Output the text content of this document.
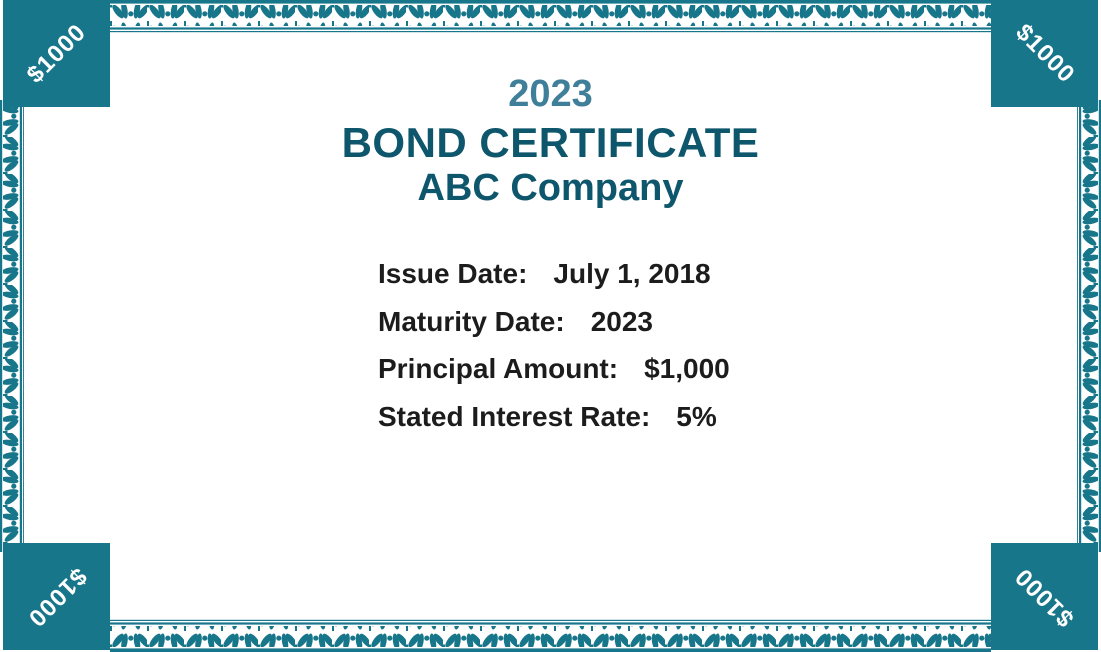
$1000	$1000
$1000	$1000
2023
BOND CERTIFICATE
ABC Company
Issue Date: July 1, 2018
Maturity Date: 2023
Principal Amount: $1,000
Stated Interest Rate: 5%
